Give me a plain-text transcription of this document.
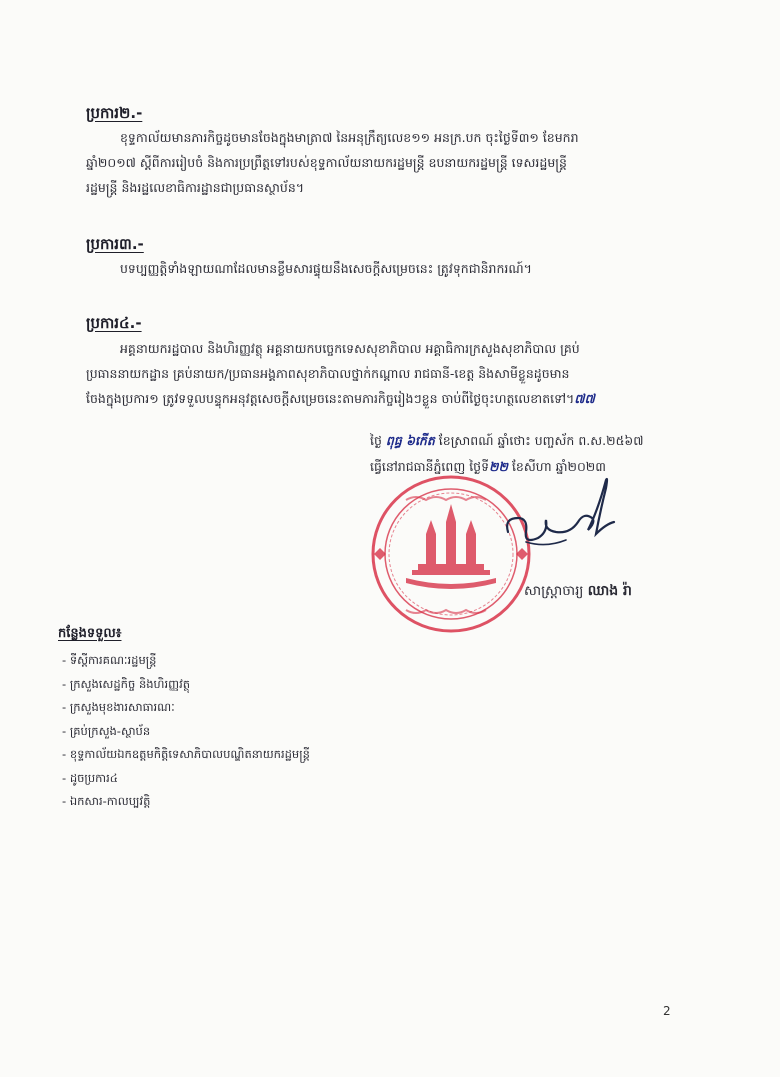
ប្រការ២.-
ខុទ្ទកាល័យមានភារកិច្ចដូចមានចែងក្នុងមាត្រា៧ នៃអនុក្រឹត្យលេខ១១ អនក្រ.បក ចុះថ្ងៃទី៣១ ខែមករា
ឆ្នាំ២០១៧ ស្ដីពីការរៀបចំ និងការប្រព្រឹត្តទៅរបស់ខុទ្ទកាល័យនាយករដ្ឋមន្ត្រី ឧបនាយករដ្ឋមន្ត្រី ទេសរដ្ឋមន្ត្រី
រដ្ឋមន្ត្រី និងរដ្ឋលេខាធិការដ្ឋានជាប្រធានស្ថាប័ន។
ប្រការ៣.-
បទប្បញ្ញត្តិទាំងឡាយណាដែលមានខ្លឹមសារផ្ទុយនឹងសេចក្ដីសម្រេចនេះ ត្រូវទុកជានិរាករណ៍។
ប្រការ៤.-
អគ្គនាយករដ្ឋបាល និងហិរញ្ញវត្ថុ អគ្គនាយកបច្ចេកទេសសុខាភិបាល អគ្គាធិការក្រសួងសុខាភិបាល គ្រប់
ប្រធាននាយកដ្ឋាន គ្រប់នាយក/ប្រធានអង្គភាពសុខាភិបាលថ្នាក់កណ្ដាល រាជធានី-ខេត្ត និងសាមីខ្លួនដូចមាន
ចែងក្នុងប្រការ១ ត្រូវទទួលបន្ទុកអនុវត្តសេចក្ដីសម្រេចនេះតាមភារកិច្ចរៀងៗខ្លួន ចាប់ពីថ្ងៃចុះហត្ថលេខាតទៅ។៧៧
ថ្ងៃ ពុធ្ធ ៦កើត ខែស្រាពណ៍ ឆ្នាំថោះ បញ្ចស័ក ព.ស.២៥៦៧
ធ្វើនៅរាជធានីភ្នំពេញ ថ្ងៃទី២២ ខែសីហា ឆ្នាំ២០២៣
សាស្ត្រាចារ្យ ឈាង រ៉ា
កន្លែងទទួល៖
- ទីស្ដីការគណៈរដ្ឋមន្ត្រី
- ក្រសួងសេដ្ឋកិច្ច និងហិរញ្ញវត្ថុ
- ក្រសួងមុខងារសាធារណៈ
- គ្រប់ក្រសួង-ស្ថាប័ន
- ខុទ្ទកាល័យឯកឧត្តមកិត្តិទេសាភិបាលបណ្ឌិតនាយករដ្ឋមន្ត្រី
- ដូចប្រការ៤
- ឯកសារ-កាលប្បវត្តិ
2
